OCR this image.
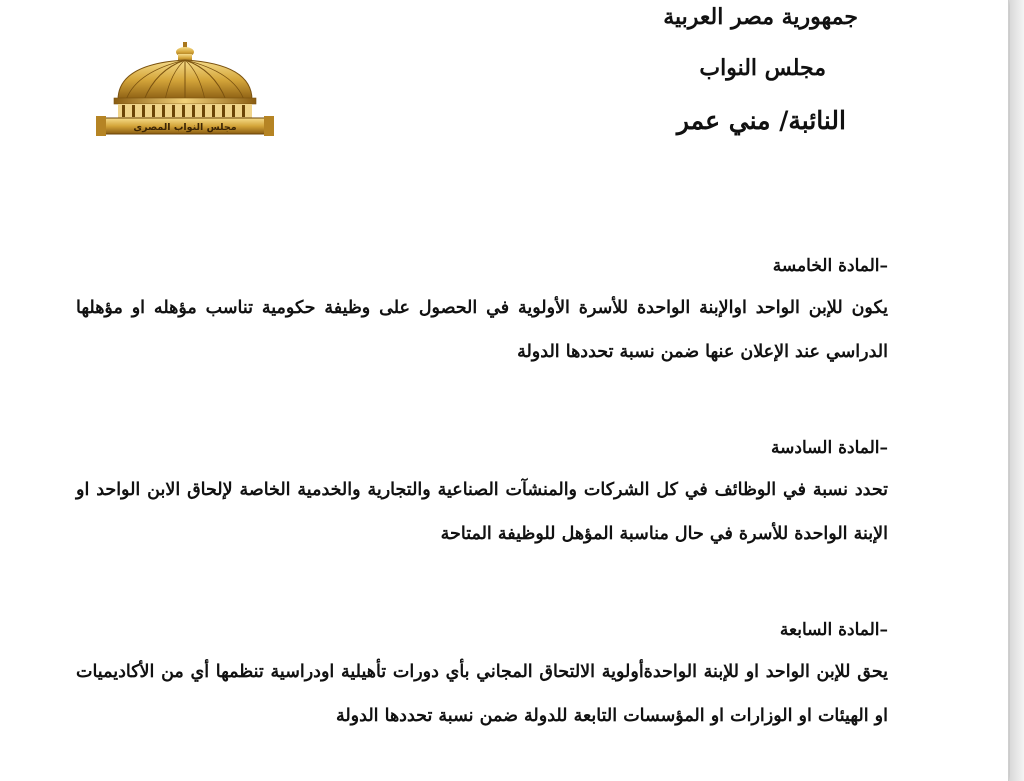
جمهورية مصر العربية
مجلس النواب
النائبة/ مني عمر
مجلس النواب المصرى

–المادة الخامسة

يكون للإبن الواحد اوالإبنة الواحدة للأسرة الأولوية في الحصول على وظيفة حكومية تناسب مؤهله او مؤهلها الدراسي عند الإعلان عنها ضمن نسبة تحددها الدولة

–المادة السادسة

تحدد نسبة في الوظائف في كل الشركات والمنشآت الصناعية والتجارية والخدمية الخاصة لإلحاق الابن الواحد او الإبنة الواحدة للأسرة في حال مناسبة المؤهل للوظيفة المتاحة

–المادة السابعة

يحق للإبن الواحد او للإبنة الواحدةأولوية الالتحاق المجاني بأي دورات تأهيلية اودراسية تنظمها أي من الأكاديميات او الهيئات او الوزارات او المؤسسات التابعة للدولة ضمن نسبة تحددها الدولة
